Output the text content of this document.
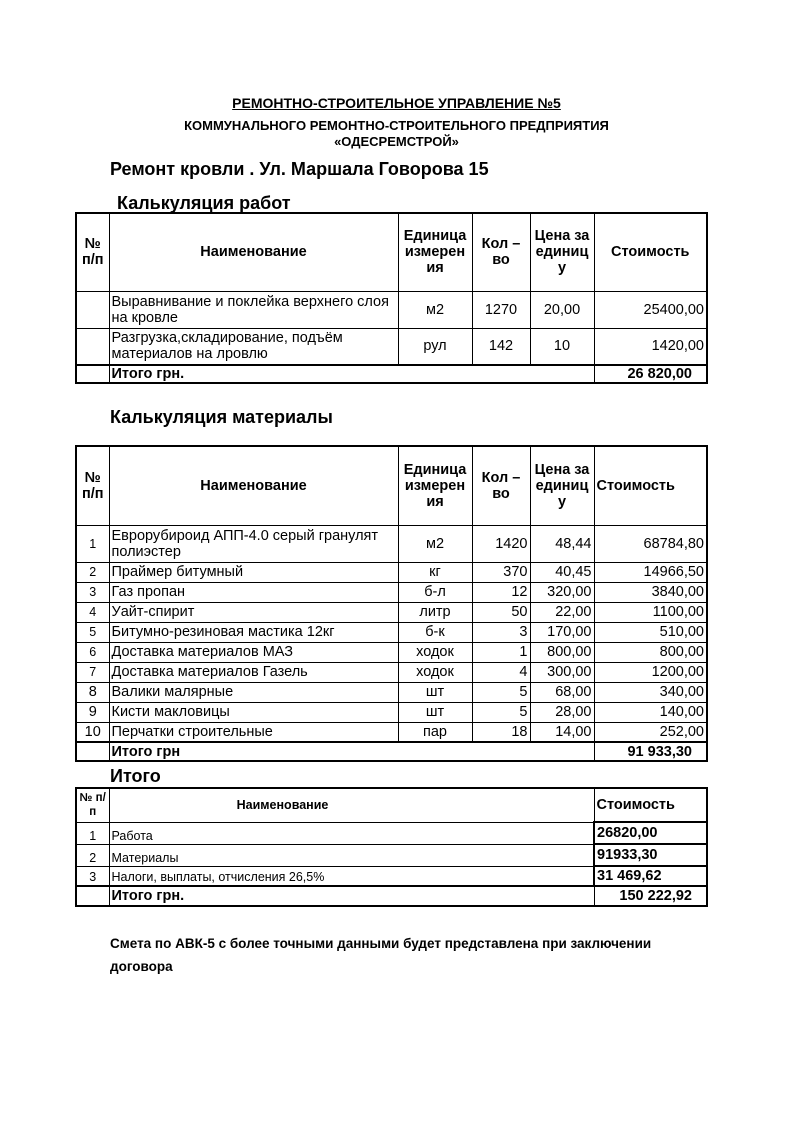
РЕМОНТНО-СТРОИТЕЛЬНОЕ УПРАВЛЕНИЕ №5
КОММУНАЛЬНОГО РЕМОНТНО-СТРОИТЕЛЬНОГО ПРЕДПРИЯТИЯ
«ОДЕСРЕМСТРОЙ»
Ремонт кровли . Ул. Маршала Говорова 15
Калькуляция работ
№ п/п	Наименование	Единица измерен ия	Кол – во	Цена за единиц у	Стоимость
	Выравнивание и поклейка верхнего слоя на кровле	м2	1270	20,00	25400,00
	Разгрузка,складирование, подъём материалов на лровлю	рул	142	10	1420,00
	Итого грн.				26 820,00
Калькуляция материалы
№ п/п	Наименование	Единица измерен ия	Кол – во	Цена за единиц у	Стоимость
1	Еврорубироид АПП-4.0 серый гранулят полиэстер	м2	1420	48,44	68784,80
2	Праймер битумный	кг	370	40,45	14966,50
3	Газ пропан	б-л	12	320,00	3840,00
4	Уайт-спирит	литр	50	22,00	1100,00
5	Битумно-резиновая мастика 12кг	б-к	3	170,00	510,00
6	Доставка материалов МАЗ	ходок	1	800,00	800,00
7	Доставка материалов Газель	ходок	4	300,00	1200,00
8	Валики малярные	шт	5	68,00	340,00
9	Кисти макловицы	шт	5	28,00	140,00
10	Перчатки строительные	пар	18	14,00	252,00
	Итого грн				91 933,30
Итого
№ п/п	Наименование	Стоимость
1	Работа	26820,00
2	Материалы	91933,30
3	Налоги, выплаты, отчисления 26,5%	31 469,62
	Итого грн.	150 222,92
Смета по АВК-5 с более точными данными будет представлена при заключении договора
